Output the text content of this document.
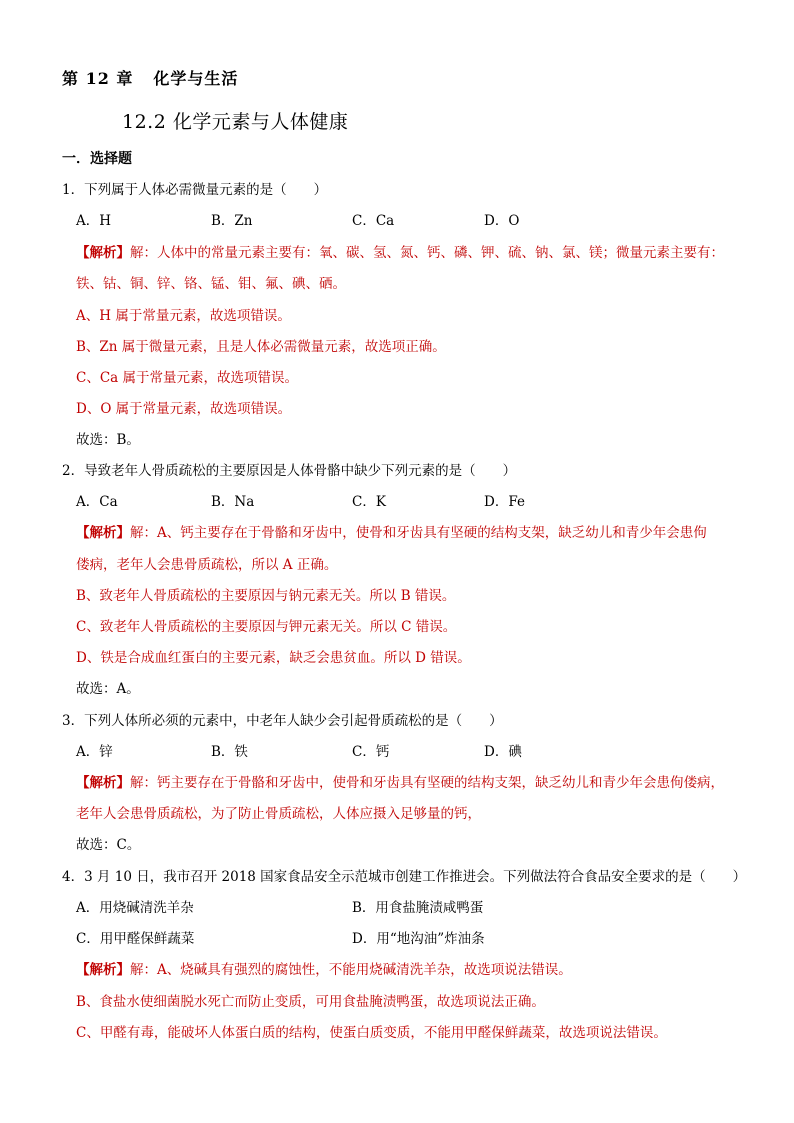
第 12 章 化学与生活
12.2 化学元素与人体健康
一．选择题
1．下列属于人体必需微量元素的是（　　）
A．H	B．Zn	C．Ca	D．O
【解析】解：人体中的常量元素主要有：氧、碳、氢、氮、钙、磷、钾、硫、钠、氯、镁；微量元素主要有：
铁、钴、铜、锌、铬、锰、钼、氟、碘、硒。
A、H 属于常量元素，故选项错误。
B、Zn 属于微量元素，且是人体必需微量元素，故选项正确。
C、Ca 属于常量元素，故选项错误。
D、O 属于常量元素，故选项错误。
故选：B。
2．导致老年人骨质疏松的主要原因是人体骨骼中缺少下列元素的是（　　）
A．Ca	B．Na	C．K	D．Fe
【解析】解：A、钙主要存在于骨骼和牙齿中，使骨和牙齿具有坚硬的结构支架，缺乏幼儿和青少年会患佝
偻病，老年人会患骨质疏松，所以 A 正确。
B、致老年人骨质疏松的主要原因与钠元素无关。所以 B 错误。
C、致老年人骨质疏松的主要原因与钾元素无关。所以 C 错误。
D、铁是合成血红蛋白的主要元素，缺乏会患贫血。所以 D 错误。
故选：A。
3．下列人体所必须的元素中，中老年人缺少会引起骨质疏松的是（　　）
A．锌	B．铁	C．钙	D．碘
【解析】解：钙主要存在于骨骼和牙齿中，使骨和牙齿具有坚硬的结构支架，缺乏幼儿和青少年会患佝偻病，
老年人会患骨质疏松，为了防止骨质疏松，人体应摄入足够量的钙，
故选：C。
4．3 月 10 日，我市召开 2018 国家食品安全示范城市创建工作推进会。下列做法符合食品安全要求的是（　　）
A．用烧碱清洗羊杂	B．用食盐腌渍咸鸭蛋
C．用甲醛保鲜蔬菜	D．用“地沟油”炸油条
【解析】解：A、烧碱具有强烈的腐蚀性，不能用烧碱清洗羊杂，故选项说法错误。
B、食盐水使细菌脱水死亡而防止变质，可用食盐腌渍鸭蛋，故选项说法正确。
C、甲醛有毒，能破坏人体蛋白质的结构，使蛋白质变质，不能用甲醛保鲜蔬菜，故选项说法错误。
